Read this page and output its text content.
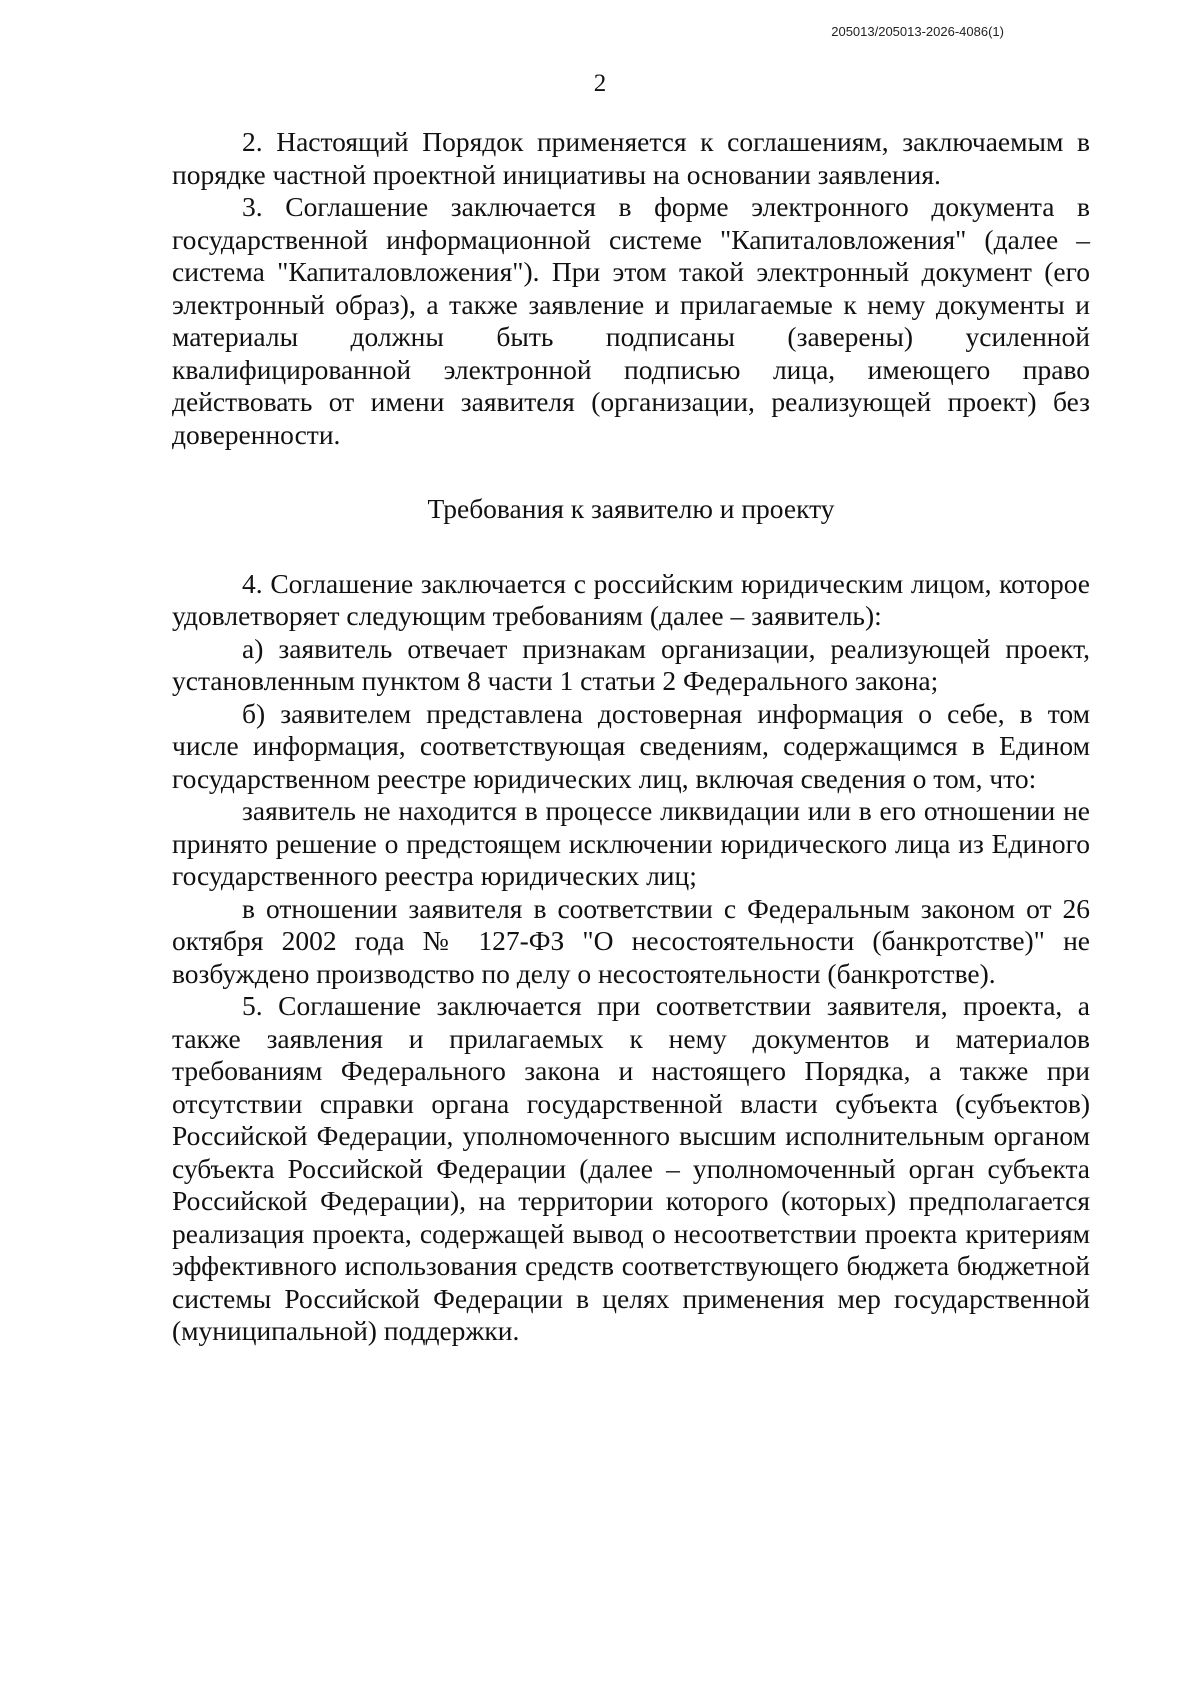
205013/205013-2026-4086(1)
2

2. Настоящий Порядок применяется к соглашениям, заключаемым в порядке частной проектной инициативы на основании заявления.

3. Соглашение заключается в форме электронного документа в государственной информационной системе "Капиталовложения" (далее – система "Капиталовложения"). При этом такой электронный документ (его электронный образ), а также заявление и прилагаемые к нему документы и материалы должны быть подписаны (заверены) усиленной квалифицированной электронной подписью лица, имеющего право действовать от имени заявителя (организации, реализующей проект) без доверенности.

Требования к заявителю и проекту

4. Соглашение заключается с российским юридическим лицом, которое удовлетворяет следующим требованиям (далее – заявитель):

а) заявитель отвечает признакам организации, реализующей проект, установленным пунктом 8 части 1 статьи 2 Федерального закона;

б) заявителем представлена достоверная информация о себе, в том числе информация, соответствующая сведениям, содержащимся в Едином государственном реестре юридических лиц, включая сведения о том, что:

заявитель не находится в процессе ликвидации или в его отношении не принято решение о предстоящем исключении юридического лица из Единого государственного реестра юридических лиц;

в отношении заявителя в соответствии с Федеральным законом от 26 октября 2002 года № 127-ФЗ "О несостоятельности (банкротстве)" не возбуждено производство по делу о несостоятельности (банкротстве).

5. Соглашение заключается при соответствии заявителя, проекта, а также заявления и прилагаемых к нему документов и материалов требованиям Федерального закона и настоящего Порядка, а также при отсутствии справки органа государственной власти субъекта (субъектов) Российской Федерации, уполномоченного высшим исполнительным органом субъекта Российской Федерации (далее – уполномоченный орган субъекта Российской Федерации), на территории которого (которых) предполагается реализация проекта, содержащей вывод о несоответствии проекта критериям эффективного использования средств соответствующего бюджета бюджетной системы Российской Федерации в целях применения мер государственной (муниципальной) поддержки.
